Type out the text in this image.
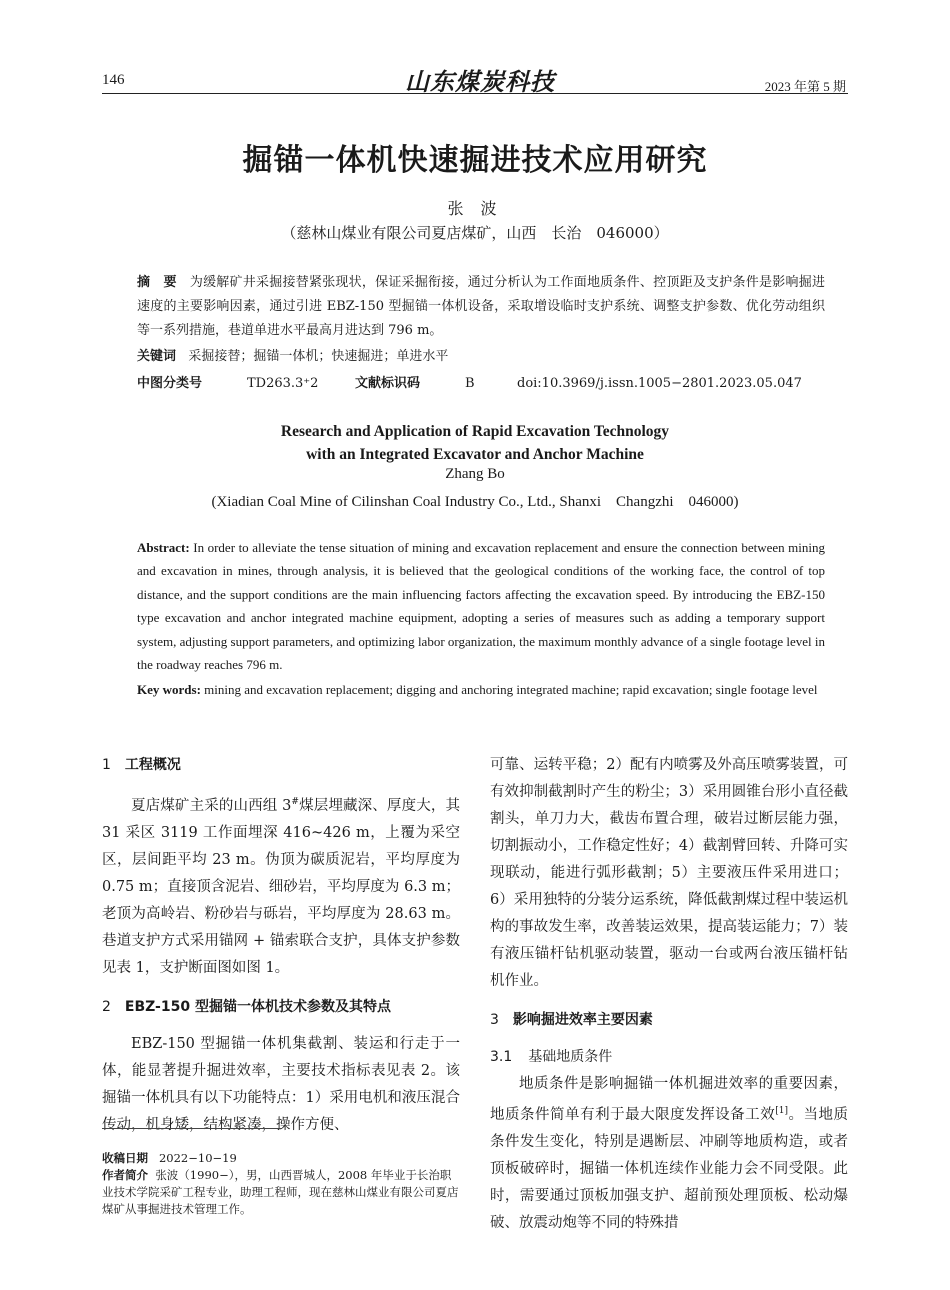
146	山东煤炭科技	2023 年第 5 期
掘锚一体机快速掘进技术应用研究
张 波
（慈林山煤业有限公司夏店煤矿，山西　长治　046000）
摘　要 为缓解矿井采掘接替紧张现状，保证采掘衔接，通过分析认为工作面地质条件、控顶距及支护条件是影响掘进速度的主要影响因素，通过引进 EBZ-150 型掘锚一体机设备，采取增设临时支护系统、调整支护参数、优化劳动组织等一系列措施，巷道单进水平最高月进达到 796 m。
关键词 采掘接替；掘锚一体机；快速掘进；单进水平
中图分类号	TD263.3⁺2	文献标识码	B	doi:10.3969/j.issn.1005−2801.2023.05.047
Research and Application of Rapid Excavation Technology
with an Integrated Excavator and Anchor Machine
Zhang Bo
(Xiadian Coal Mine of Cilinshan Coal Industry Co., Ltd., Shanxi　Changzhi　046000)
Abstract: In order to alleviate the tense situation of mining and excavation replacement and ensure the connection between mining and excavation in mines, through analysis, it is believed that the geological conditions of the working face, the control of top distance, and the support conditions are the main influencing factors affecting the excavation speed. By introducing the EBZ-150 type excavation and anchor integrated machine equipment, adopting a series of measures such as adding a temporary support system, adjusting support parameters, and optimizing labor organization, the maximum monthly advance of a single footage level in the roadway reaches 796 m.
Key words: mining and excavation replacement; digging and anchoring integrated machine; rapid excavation; single footage level
1 工程概况
夏店煤矿主采的山西组 3#煤层埋藏深、厚度大，其 31 采区 3119 工作面埋深 416~426 m，上覆为采空区，层间距平均 23 m。伪顶为碳质泥岩，平均厚度为 0.75 m；直接顶含泥岩、细砂岩，平均厚度为 6.3 m；老顶为高岭岩、粉砂岩与砾岩，平均厚度为 28.63 m。巷道支护方式采用锚网 + 锚索联合支护，具体支护参数见表 1，支护断面图如图 1。
2 EBZ-150 型掘锚一体机技术参数及其特点
EBZ-150 型掘锚一体机集截割、装运和行走于一体，能显著提升掘进效率，主要技术指标表见表 2。该掘锚一体机具有以下功能特点：1）采用电机和液压混合传动，机身矮，结构紧凑，操作方便、
收稿日期 2022−10−19
作者简介 张波（1990−），男，山西晋城人，2008 年毕业于长治职业技术学院采矿工程专业，助理工程师，现在慈林山煤业有限公司夏店煤矿从事掘进技术管理工作。
可靠、运转平稳；2）配有内喷雾及外高压喷雾装置，可有效抑制截割时产生的粉尘；3）采用圆锥台形小直径截割头，单刀力大，截齿布置合理，破岩过断层能力强，切割振动小，工作稳定性好；4）截割臂回转、升降可实现联动，能进行弧形截割；5）主要液压件采用进口；6）采用独特的分装分运系统，降低截割煤过程中装运机构的事故发生率，改善装运效果，提高装运能力；7）装有液压锚杆钻机驱动装置，驱动一台或两台液压锚杆钻机作业。
3 影响掘进效率主要因素
3.1 基础地质条件
地质条件是影响掘锚一体机掘进效率的重要因素，地质条件简单有利于最大限度发挥设备工效[1]。当地质条件发生变化，特别是遇断层、冲刷等地质构造，或者顶板破碎时，掘锚一体机连续作业能力会不同受限。此时，需要通过顶板加强支护、超前预处理顶板、松动爆破、放震动炮等不同的特殊措
